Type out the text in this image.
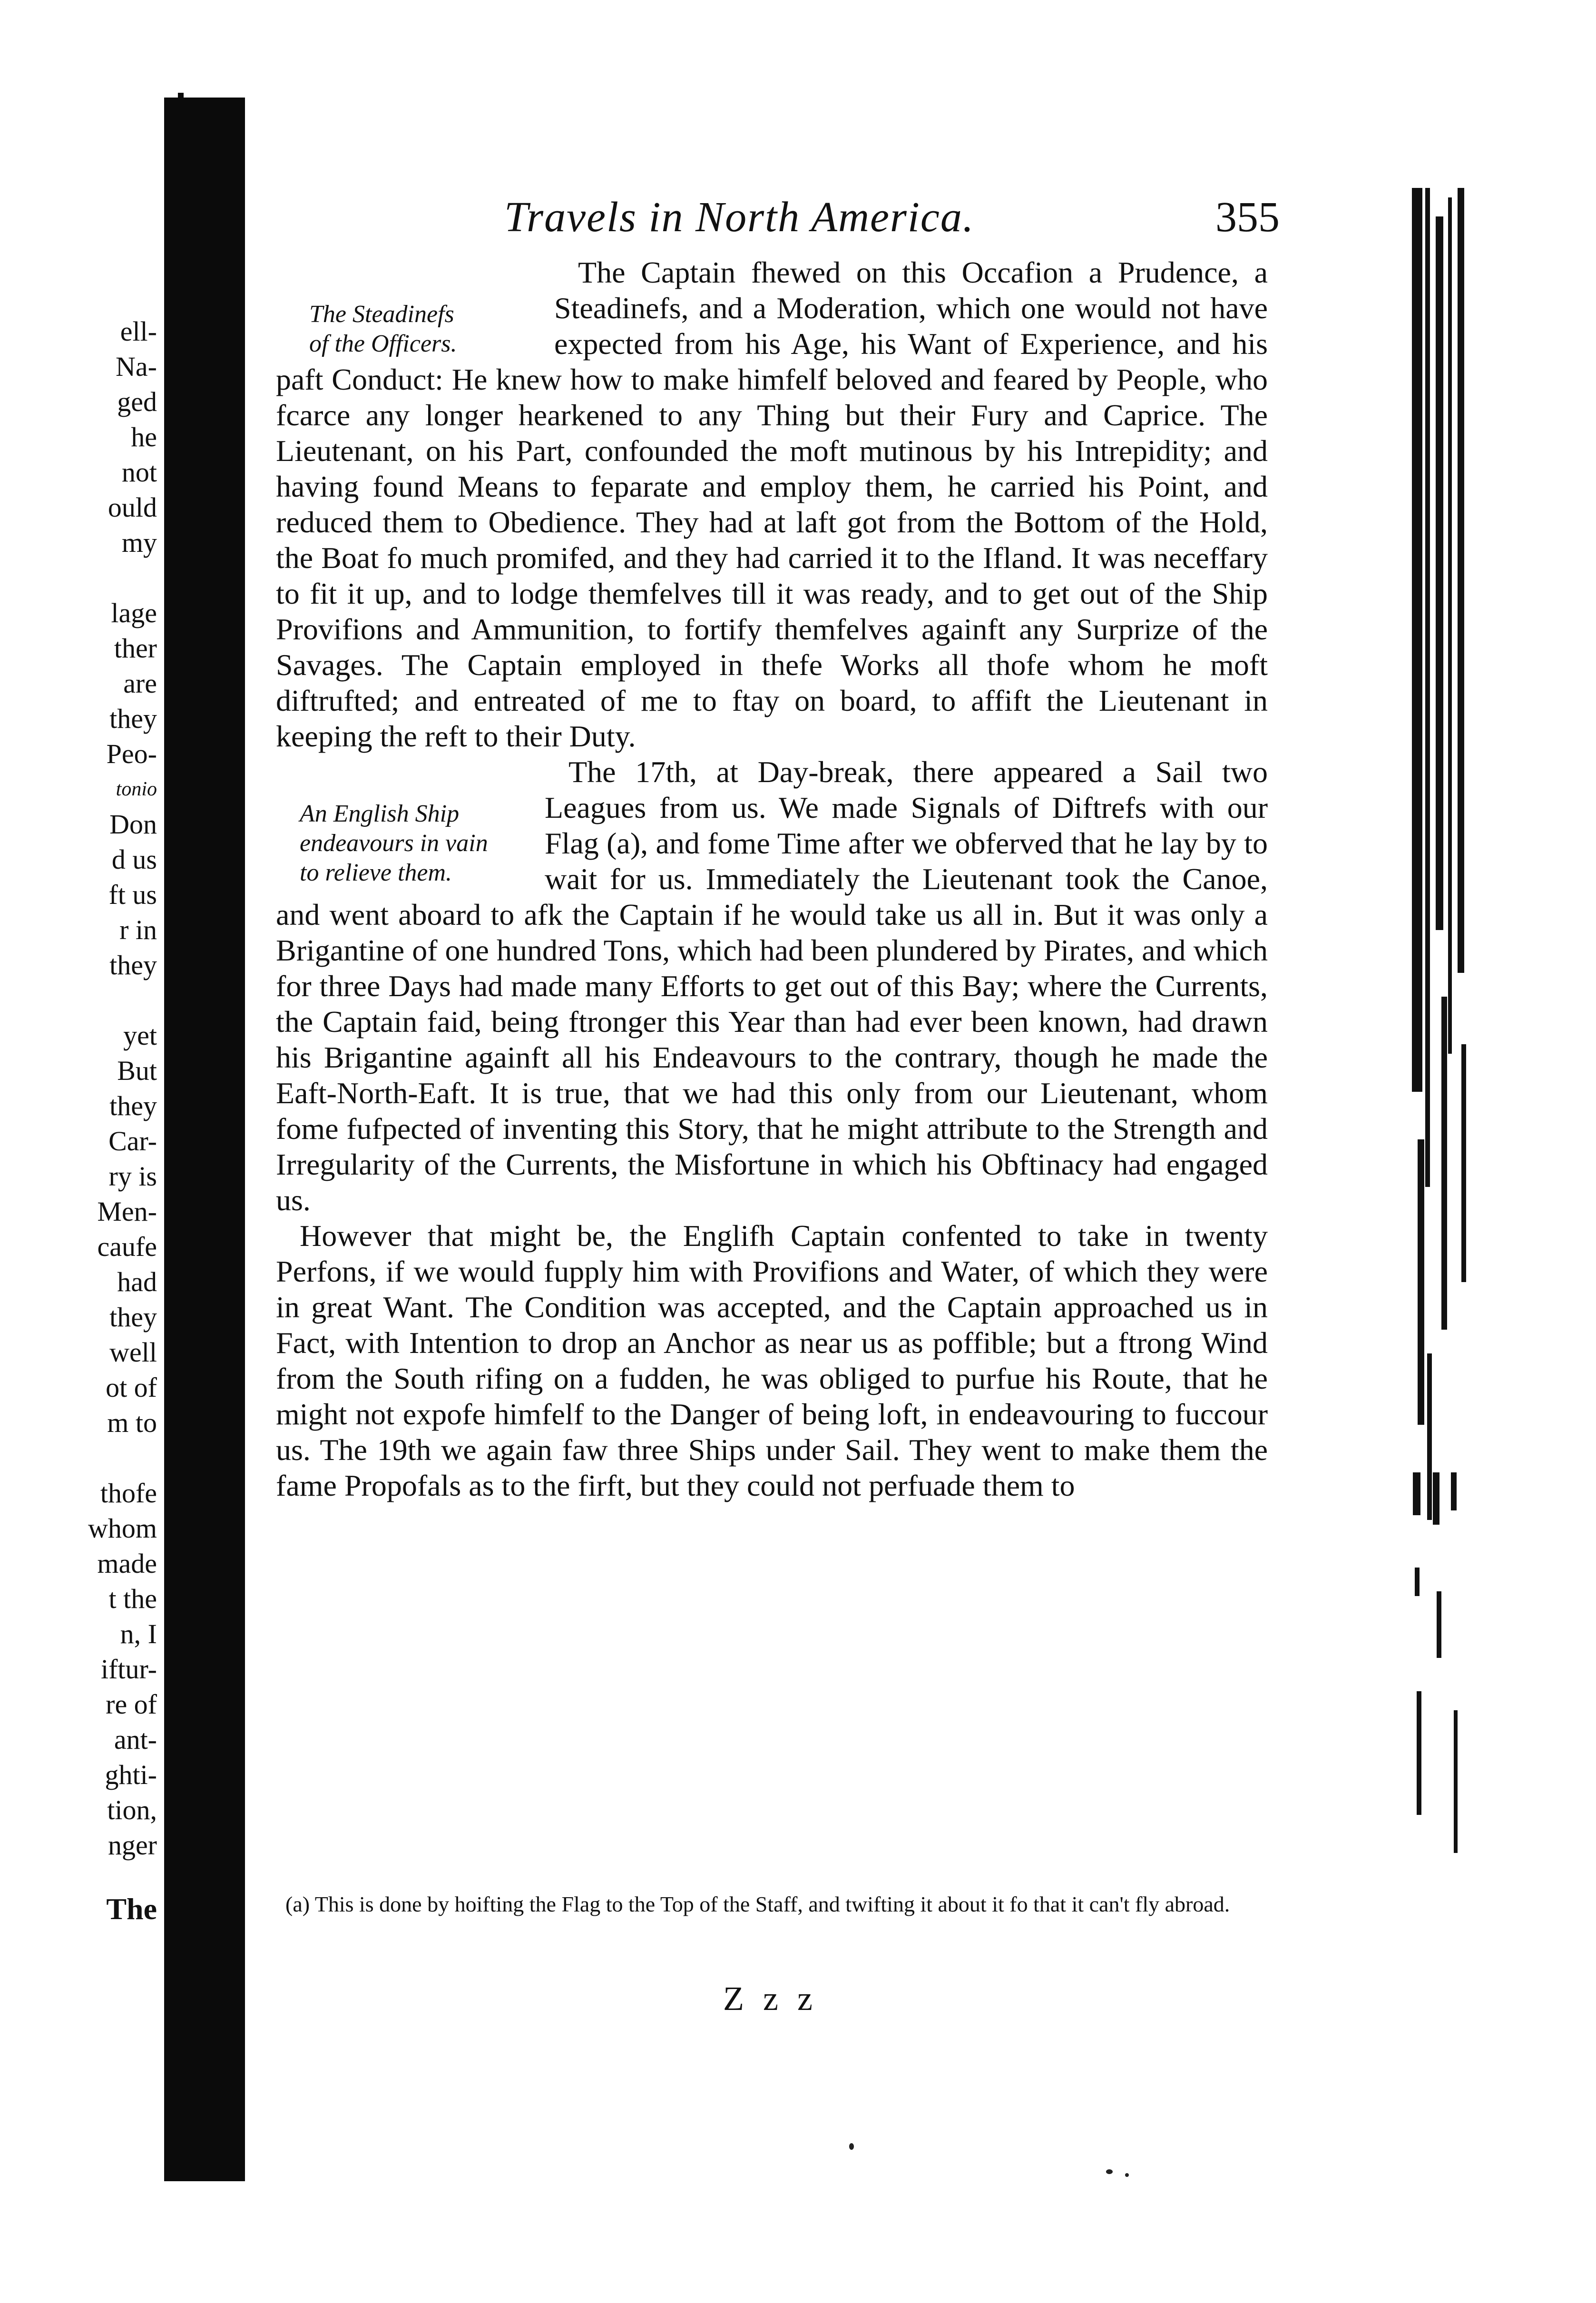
ell-
Na-
ged
he
not
ould
my
lage
ther
are
they
Peo-
tonio
Don
d us
ft us
r in
they
yet
But
they
Car-
ry is
Men-
caufe
had
they
well
ot of
m to
thofe
whom
made
t the
n, I
iftur-
re of
ant-
ghti-
tion,
nger
The
Travels in North America.	355

The Steadinefs
of the Officers.
The Captain fhewed on this Occafion a Prudence, a Steadinefs, and a Moderation, which one would not have expected from his Age, his Want of Experience, and his paft Conduct: He knew how to make himfelf beloved and feared by People, who fcarce any longer hearkened to any Thing but their Fury and Caprice. The Lieutenant, on his Part, confounded the moft mutinous by his Intrepidity; and having found Means to feparate and employ them, he carried his Point, and reduced them to Obedience. They had at laft got from the Bottom of the Hold, the Boat fo much promifed, and they had carried it to the Ifland. It was neceffary to fit it up, and to lodge themfelves till it was ready, and to get out of the Ship Provifions and Ammunition, to fortify themfelves againft any Surprize of the Savages. The Captain employed in thefe Works all thofe whom he moft diftrufted; and entreated of me to ftay on board, to affift the Lieutenant in keeping the reft to their Duty.

An English Ship
endeavours in vain
to relieve them.
The 17th, at Day-break, there appeared a Sail two Leagues from us. We made Signals of Diftrefs with our Flag (a), and fome Time after we obferved that he lay by to wait for us. Immediately the Lieutenant took the Canoe, and went aboard to afk the Captain if he would take us all in. But it was only a Brigantine of one hundred Tons, which had been plundered by Pirates, and which for three Days had made many Efforts to get out of this Bay; where the Currents, the Captain faid, being ftronger this Year than had ever been known, had drawn his Brigantine againft all his Endeavours to the contrary, though he made the Eaft-North-Eaft. It is true, that we had this only from our Lieutenant, whom fome fufpected of inventing this Story, that he might attribute to the Strength and Irregularity of the Currents, the Misfortune in which his Obftinacy had engaged us.

However that might be, the Englifh Captain confented to take in twenty Perfons, if we would fupply him with Provifions and Water, of which they were in great Want. The Condition was accepted, and the Captain approached us in Fact, with Intention to drop an Anchor as near us as poffible; but a ftrong Wind from the South rifing on a fudden, he was obliged to purfue his Route, that he might not expofe himfelf to the Danger of being loft, in endeavouring to fuccour us. The 19th we again faw three Ships under Sail. They went to make them the fame Propofals as to the firft, but they could not perfuade them to

(a) This is done by hoifting the Flag to the Top of the Staff, and twifting it about it fo that it can't fly abroad.
Zzz
